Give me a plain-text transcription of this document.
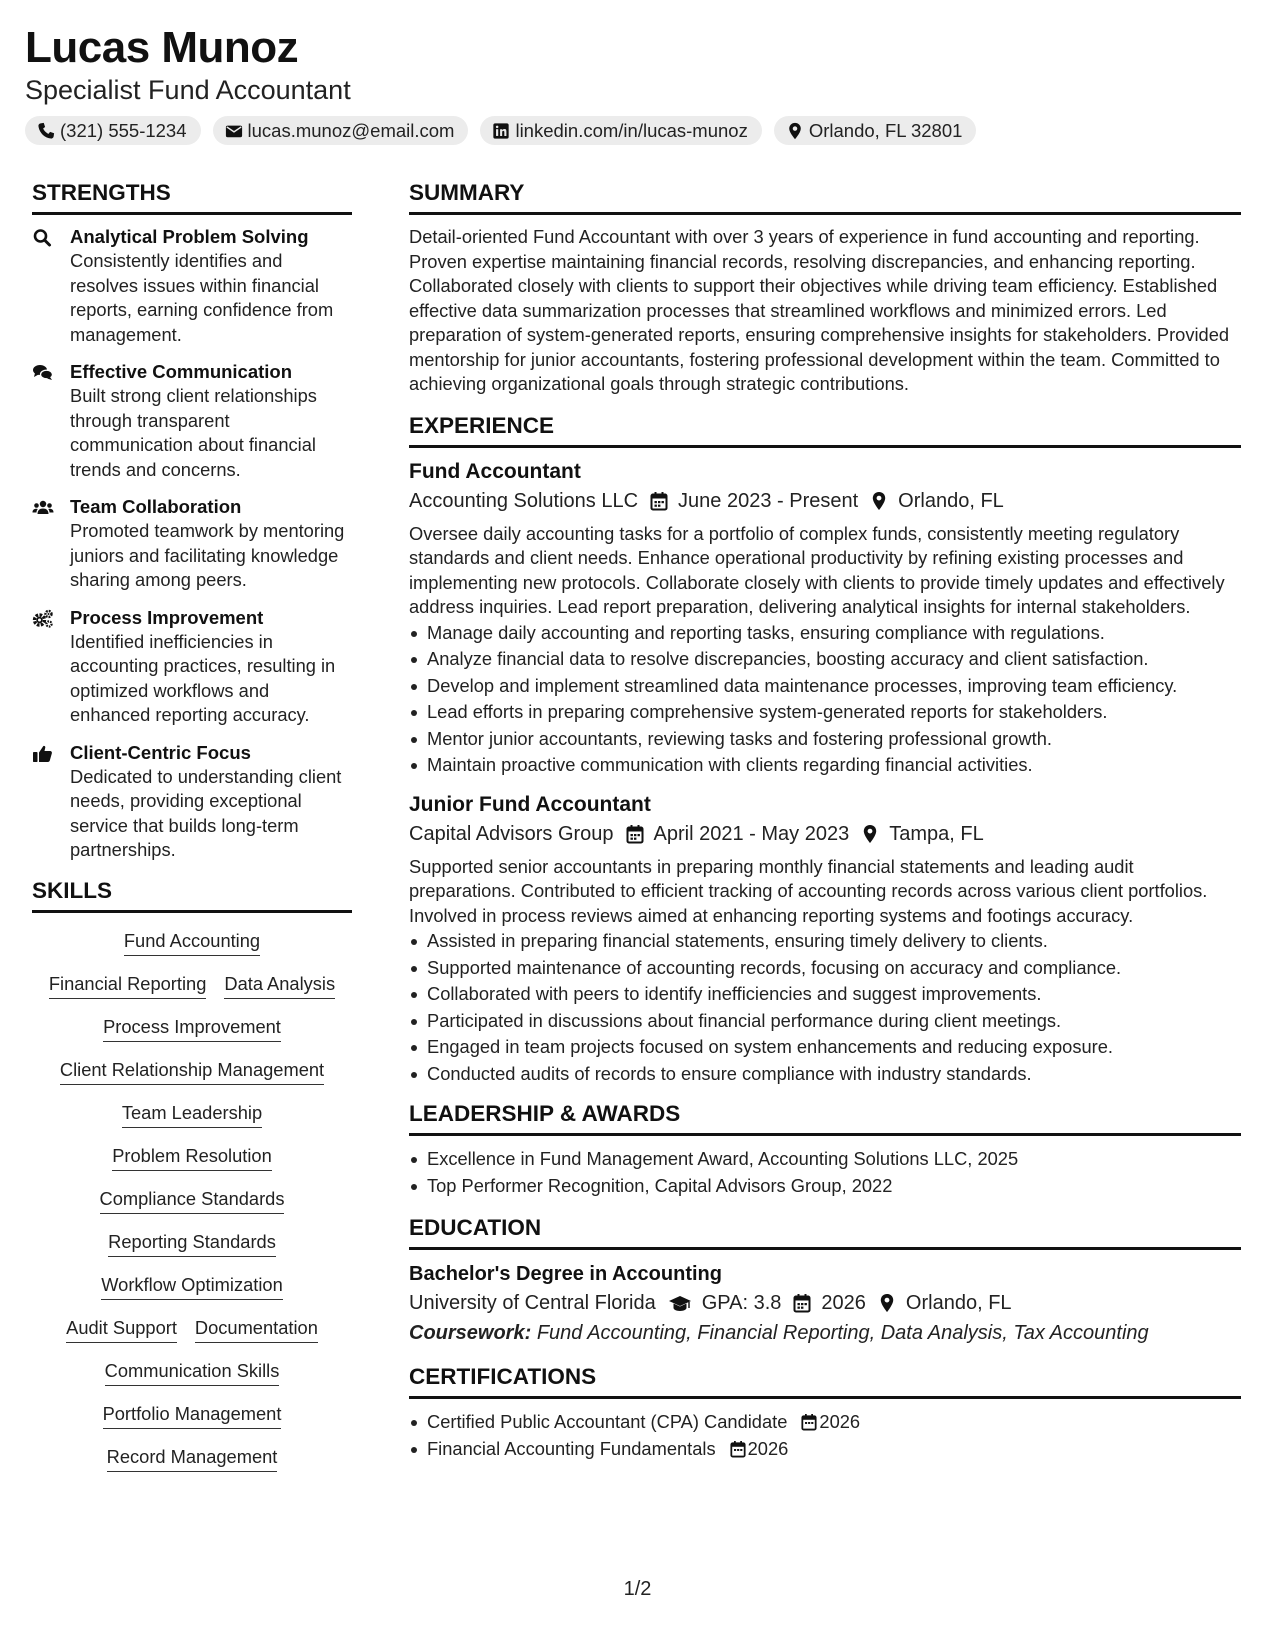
Lucas Munoz
Specialist Fund Accountant
(321) 555-1234	lucas.munoz@email.com	linkedin.com/in/lucas-munoz	Orlando, FL 32801
STRENGTHS
Analytical Problem Solving
Consistently identifies and resolves issues within financial reports, earning confidence from management.
Effective Communication
Built strong client relationships through transparent communication about financial trends and concerns.
Team Collaboration
Promoted teamwork by mentoring juniors and facilitating knowledge sharing among peers.
Process Improvement
Identified inefficiencies in accounting practices, resulting in optimized workflows and enhanced reporting accuracy.
Client-Centric Focus
Dedicated to understanding client needs, providing exceptional service that builds long-term partnerships.
SKILLS
Fund Accounting
Financial Reporting Data Analysis
Process Improvement
Client Relationship Management
Team Leadership
Problem Resolution
Compliance Standards
Reporting Standards
Workflow Optimization
Audit Support Documentation
Communication Skills
Portfolio Management
Record Management
SUMMARY
Detail-oriented Fund Accountant with over 3 years of experience in fund accounting and reporting. Proven expertise maintaining financial records, resolving discrepancies, and enhancing reporting. Collaborated closely with clients to support their objectives while driving team efficiency. Established effective data summarization processes that streamlined workflows and minimized errors. Led preparation of system-generated reports, ensuring comprehensive insights for stakeholders. Provided mentorship for junior accountants, fostering professional development within the team. Committed to achieving organizational goals through strategic contributions.
EXPERIENCE
Fund Accountant
Accounting Solutions LLC June 2023 - Present Orlando, FL
Oversee daily accounting tasks for a portfolio of complex funds, consistently meeting regulatory standards and client needs. Enhance operational productivity by refining existing processes and implementing new protocols. Collaborate closely with clients to provide timely updates and effectively address inquiries. Lead report preparation, delivering analytical insights for internal stakeholders.
Manage daily accounting and reporting tasks, ensuring compliance with regulations.
Analyze financial data to resolve discrepancies, boosting accuracy and client satisfaction.
Develop and implement streamlined data maintenance processes, improving team efficiency.
Lead efforts in preparing comprehensive system-generated reports for stakeholders.
Mentor junior accountants, reviewing tasks and fostering professional growth.
Maintain proactive communication with clients regarding financial activities.
Junior Fund Accountant
Capital Advisors Group April 2021 - May 2023 Tampa, FL
Supported senior accountants in preparing monthly financial statements and leading audit preparations. Contributed to efficient tracking of accounting records across various client portfolios. Involved in process reviews aimed at enhancing reporting systems and footings accuracy.
Assisted in preparing financial statements, ensuring timely delivery to clients.
Supported maintenance of accounting records, focusing on accuracy and compliance.
Collaborated with peers to identify inefficiencies and suggest improvements.
Participated in discussions about financial performance during client meetings.
Engaged in team projects focused on system enhancements and reducing exposure.
Conducted audits of records to ensure compliance with industry standards.
LEADERSHIP & AWARDS
Excellence in Fund Management Award, Accounting Solutions LLC, 2025
Top Performer Recognition, Capital Advisors Group, 2022
EDUCATION
Bachelor's Degree in Accounting
University of Central Florida GPA: 3.8 2026 Orlando, FL
Coursework: Fund Accounting, Financial Reporting, Data Analysis, Tax Accounting
CERTIFICATIONS
Certified Public Accountant (CPA) Candidate 2026
Financial Accounting Fundamentals 2026
1/2
